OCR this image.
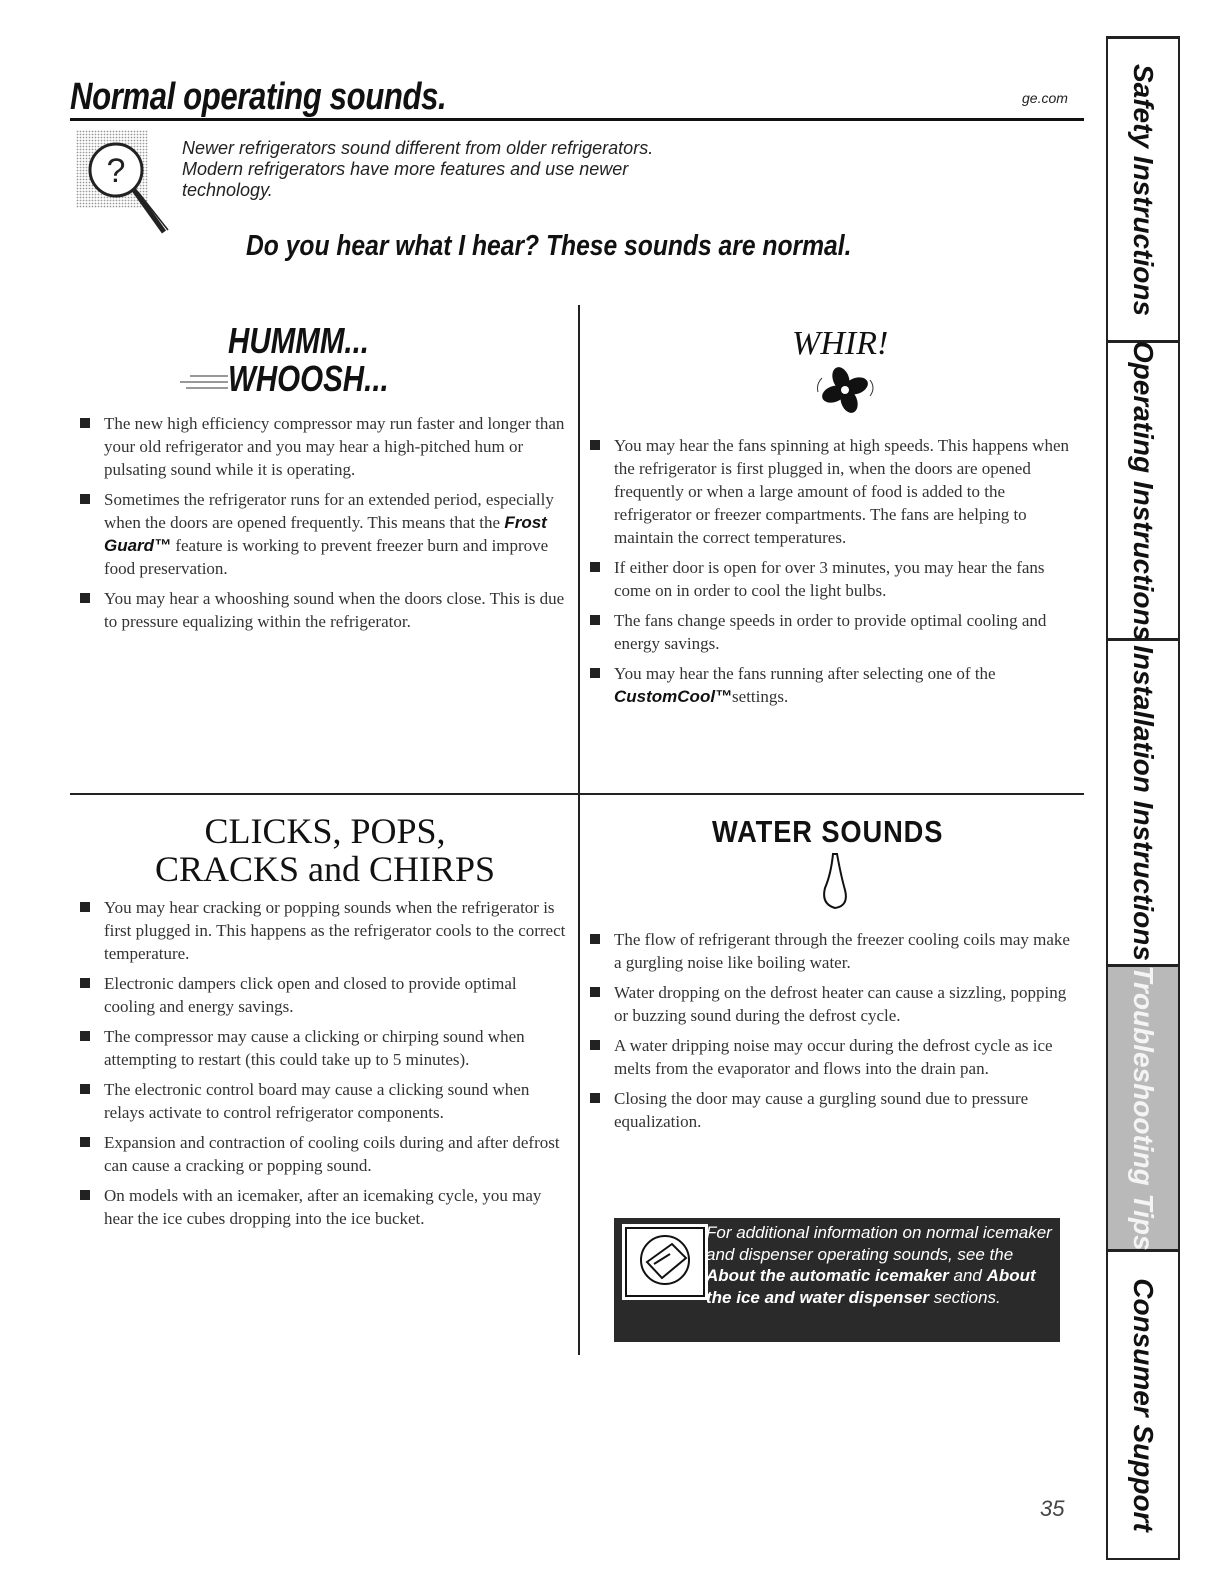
Normal operating sounds.	ge.com
?
Newer refrigerators sound different from older refrigerators.
Modern refrigerators have more features and use newer
technology.
Do you hear what I hear? These sounds are normal.
HUMMM...
WHOOSH...
The new high efficiency compressor may run faster and longer than your old refrigerator and you may hear a high-pitched hum or pulsating sound while it is operating.
Sometimes the refrigerator runs for an extended period, especially when the doors are opened frequently. This means that the Frost Guard™ feature is working to prevent freezer burn and improve food preservation.
You may hear a whooshing sound when the doors close. This is due to pressure equalizing within the refrigerator.
WHIR!
You may hear the fans spinning at high speeds. This happens when the refrigerator is first plugged in, when the doors are opened frequently or when a large amount of food is added to the refrigerator or freezer compartments. The fans are helping to maintain the correct temperatures.
If either door is open for over 3 minutes, you may hear the fans come on in order to cool the light bulbs.
The fans change speeds in order to provide optimal cooling and energy savings.
You may hear the fans running after selecting one of the CustomCool™settings.
CLICKS, POPS,
CRACKS and CHIRPS
You may hear cracking or popping sounds when the refrigerator is first plugged in. This happens as the refrigerator cools to the correct temperature.
Electronic dampers click open and closed to provide optimal cooling and energy savings.
The compressor may cause a clicking or chirping sound when attempting to restart (this could take up to 5 minutes).
The electronic control board may cause a clicking sound when relays activate to control refrigerator components.
Expansion and contraction of cooling coils during and after defrost can cause a cracking or popping sound.
On models with an icemaker, after an icemaking cycle, you may hear the ice cubes dropping into the ice bucket.
WATER SOUNDS
The flow of refrigerant through the freezer cooling coils may make a gurgling noise like boiling water.
Water dropping on the defrost heater can cause a sizzling, popping or buzzing sound during the defrost cycle.
A water dripping noise may occur during the defrost cycle as ice melts from the evaporator and flows into the drain pan.
Closing the door may cause a gurgling sound due to pressure equalization.
For additional information on normal icemaker and dispenser operating sounds, see the About the automatic icemaker and About the ice and water dispenser sections.
Safety Instructions
Operating Instructions
Installation Instructions
Troubleshooting Tips
Consumer Support
35
